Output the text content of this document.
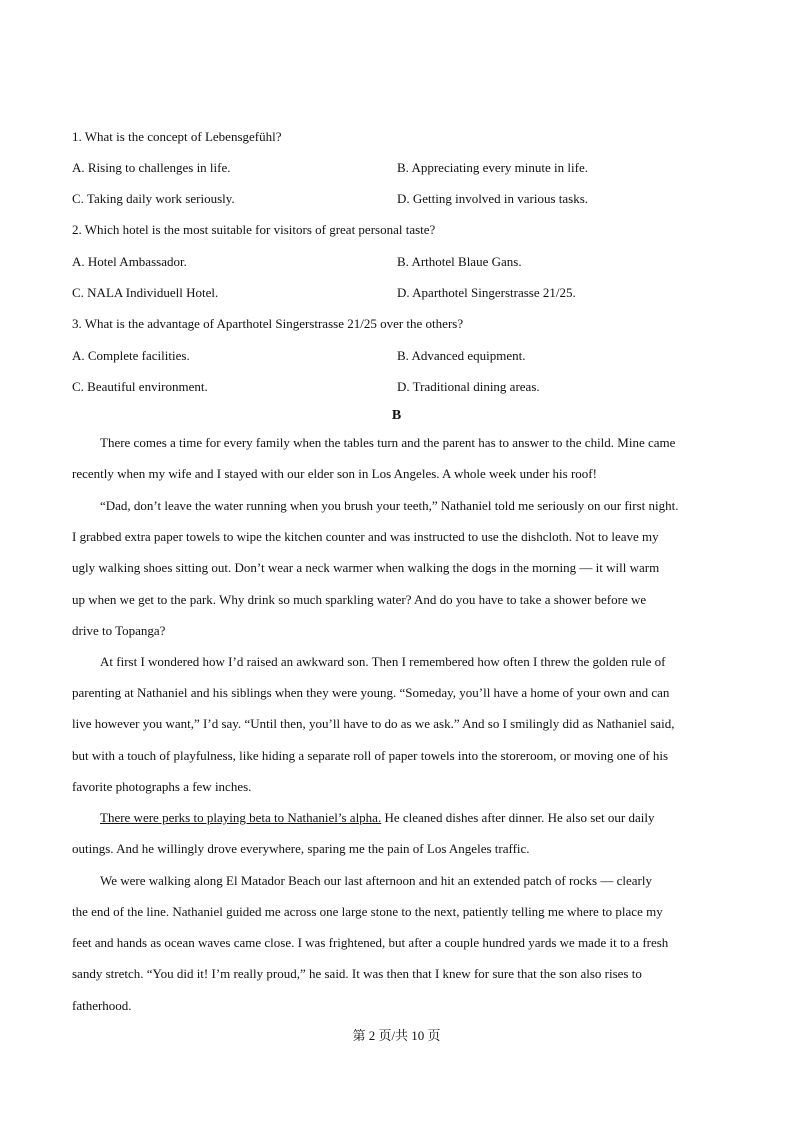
1. What is the concept of Lebensgefühl?
A. Rising to challenges in life.	B. Appreciating every minute in life.
C. Taking daily work seriously.	D. Getting involved in various tasks.
2. Which hotel is the most suitable for visitors of great personal taste?
A. Hotel Ambassador.	B. Arthotel Blaue Gans.
C. NALA Individuell Hotel.	D. Aparthotel Singerstrasse 21/25.
3. What is the advantage of Aparthotel Singerstrasse 21/25 over the others?
A. Complete facilities.	B. Advanced equipment.
C. Beautiful environment.	D. Traditional dining areas.
B
There comes a time for every family when the tables turn and the parent has to answer to the child. Mine came
recently when my wife and I stayed with our elder son in Los Angeles. A whole week under his roof!
“Dad, don’t leave the water running when you brush your teeth,” Nathaniel told me seriously on our first night.
I grabbed extra paper towels to wipe the kitchen counter and was instructed to use the dishcloth. Not to leave my
ugly walking shoes sitting out. Don’t wear a neck warmer when walking the dogs in the morning — it will warm
up when we get to the park. Why drink so much sparkling water? And do you have to take a shower before we
drive to Topanga?
At first I wondered how I’d raised an awkward son. Then I remembered how often I threw the golden rule of
parenting at Nathaniel and his siblings when they were young. “Someday, you’ll have a home of your own and can
live however you want,” I’d say. “Until then, you’ll have to do as we ask.” And so I smilingly did as Nathaniel said,
but with a touch of playfulness, like hiding a separate roll of paper towels into the storeroom, or moving one of his
favorite photographs a few inches.
There were perks to playing beta to Nathaniel’s alpha. He cleaned dishes after dinner. He also set our daily
outings. And he willingly drove everywhere, sparing me the pain of Los Angeles traffic.
We were walking along El Matador Beach our last afternoon and hit an extended patch of rocks — clearly
the end of the line. Nathaniel guided me across one large stone to the next, patiently telling me where to place my
feet and hands as ocean waves came close. I was frightened, but after a couple hundred yards we made it to a fresh
sandy stretch. “You did it! I’m really proud,” he said. It was then that I knew for sure that the son also rises to
fatherhood.
第 2 页/共 10 页
